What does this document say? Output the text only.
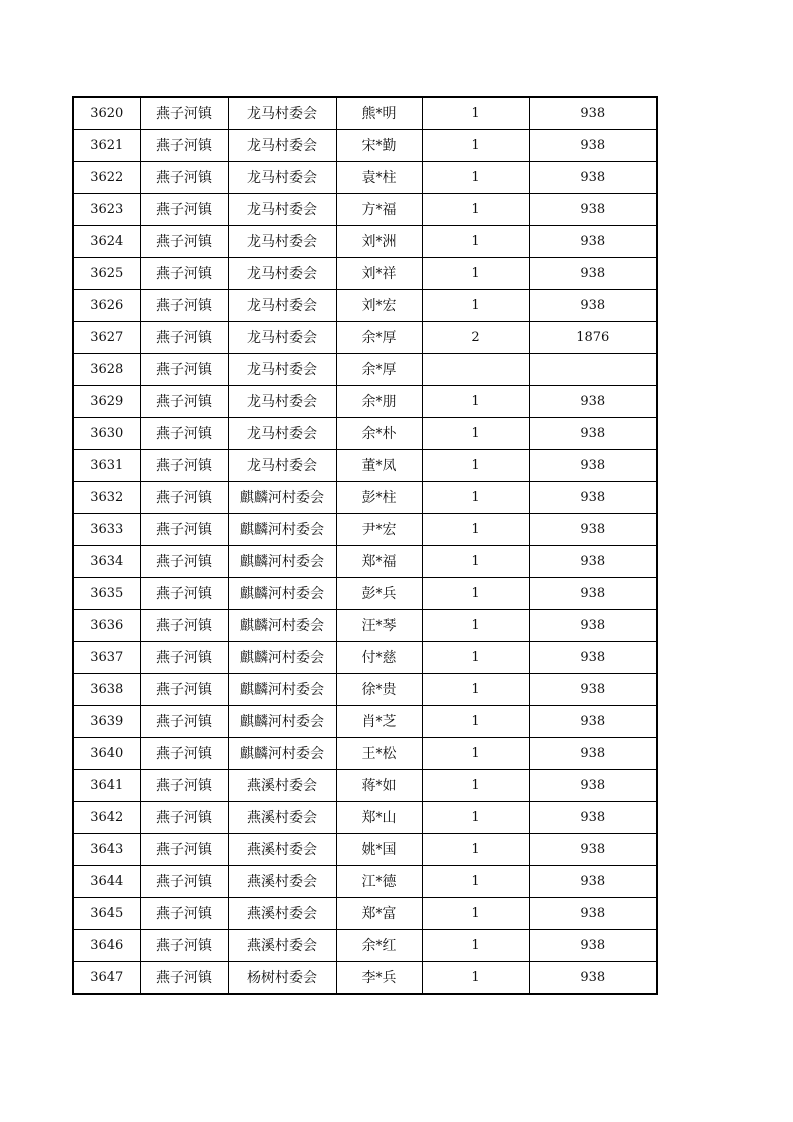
3620	燕子河镇	龙马村委会	熊*明	1	938
3621	燕子河镇	龙马村委会	宋*勤	1	938
3622	燕子河镇	龙马村委会	袁*柱	1	938
3623	燕子河镇	龙马村委会	方*福	1	938
3624	燕子河镇	龙马村委会	刘*洲	1	938
3625	燕子河镇	龙马村委会	刘*祥	1	938
3626	燕子河镇	龙马村委会	刘*宏	1	938
3627	燕子河镇	龙马村委会	余*厚	2	1876
3628	燕子河镇	龙马村委会	余*厚		
3629	燕子河镇	龙马村委会	余*朋	1	938
3630	燕子河镇	龙马村委会	余*朴	1	938
3631	燕子河镇	龙马村委会	董*凤	1	938
3632	燕子河镇	麒麟河村委会	彭*柱	1	938
3633	燕子河镇	麒麟河村委会	尹*宏	1	938
3634	燕子河镇	麒麟河村委会	郑*福	1	938
3635	燕子河镇	麒麟河村委会	彭*兵	1	938
3636	燕子河镇	麒麟河村委会	汪*琴	1	938
3637	燕子河镇	麒麟河村委会	付*慈	1	938
3638	燕子河镇	麒麟河村委会	徐*贵	1	938
3639	燕子河镇	麒麟河村委会	肖*芝	1	938
3640	燕子河镇	麒麟河村委会	王*松	1	938
3641	燕子河镇	燕溪村委会	蒋*如	1	938
3642	燕子河镇	燕溪村委会	郑*山	1	938
3643	燕子河镇	燕溪村委会	姚*国	1	938
3644	燕子河镇	燕溪村委会	江*德	1	938
3645	燕子河镇	燕溪村委会	郑*富	1	938
3646	燕子河镇	燕溪村委会	余*红	1	938
3647	燕子河镇	杨树村委会	李*兵	1	938
